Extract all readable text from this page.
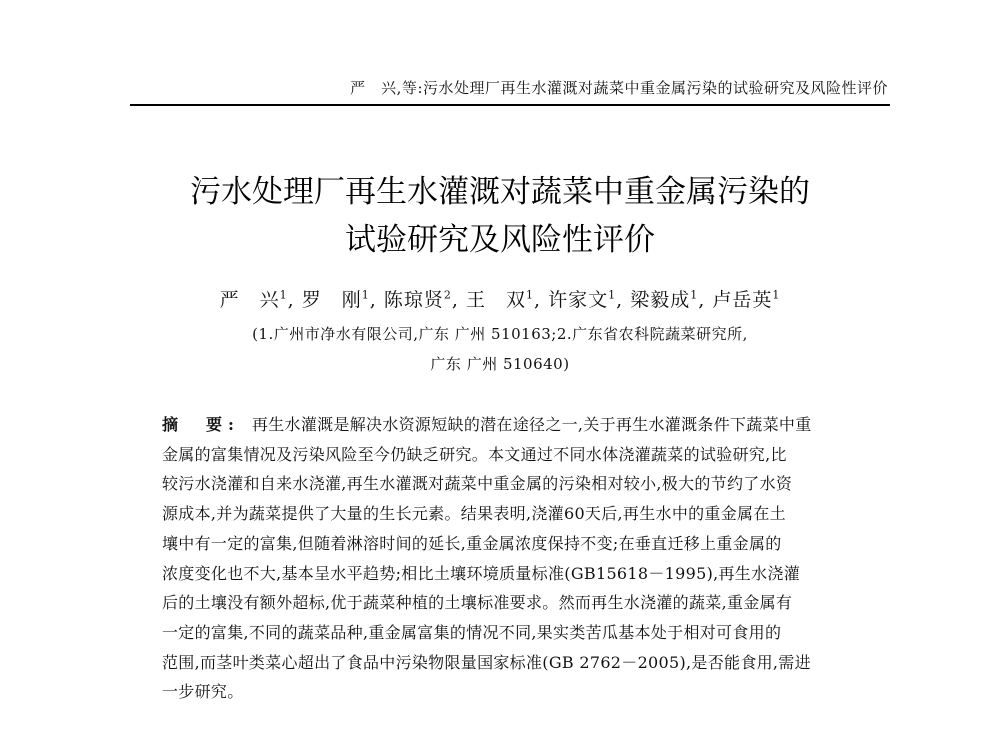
严　兴,等:污水处理厂再生水灌溉对蔬菜中重金属污染的试验研究及风险性评价
污水处理厂再生水灌溉对蔬菜中重金属污染的
试验研究及风险性评价
严　兴$^1$, 罗　刚$^1$, 陈琼贤$^2$, 王　双$^1$, 许家文$^1$, 梁毅成$^1$, 卢岳英$^1$
(1.广州市净水有限公司,广东 广州 510163;2.广东省农科院蔬菜研究所,
广东 广州 510640)

摘　要: 再生水灌溉是解决水资源短缺的潜在途径之一,关于再生水灌溉条件下蔬菜中重

金属的富集情况及污染风险至今仍缺乏研究。本文通过不同水体浇灌蔬菜的试验研究,比

较污水浇灌和自来水浇灌,再生水灌溉对蔬菜中重金属的污染相对较小,极大的节约了水资

源成本,并为蔬菜提供了大量的生长元素。结果表明,浇灌60天后,再生水中的重金属在土

壤中有一定的富集,但随着淋溶时间的延长,重金属浓度保持不变;在垂直迁移上重金属的

浓度变化也不大,基本呈水平趋势;相比土壤环境质量标准(GB15618－1995),再生水浇灌

后的土壤没有额外超标,优于蔬菜种植的土壤标准要求。然而再生水浇灌的蔬菜,重金属有

一定的富集,不同的蔬菜品种,重金属富集的情况不同,果实类苦瓜基本处于相对可食用的

范围,而茎叶类菜心超出了食品中污染物限量国家标准(GB 2762－2005),是否能食用,需进

一步研究。
